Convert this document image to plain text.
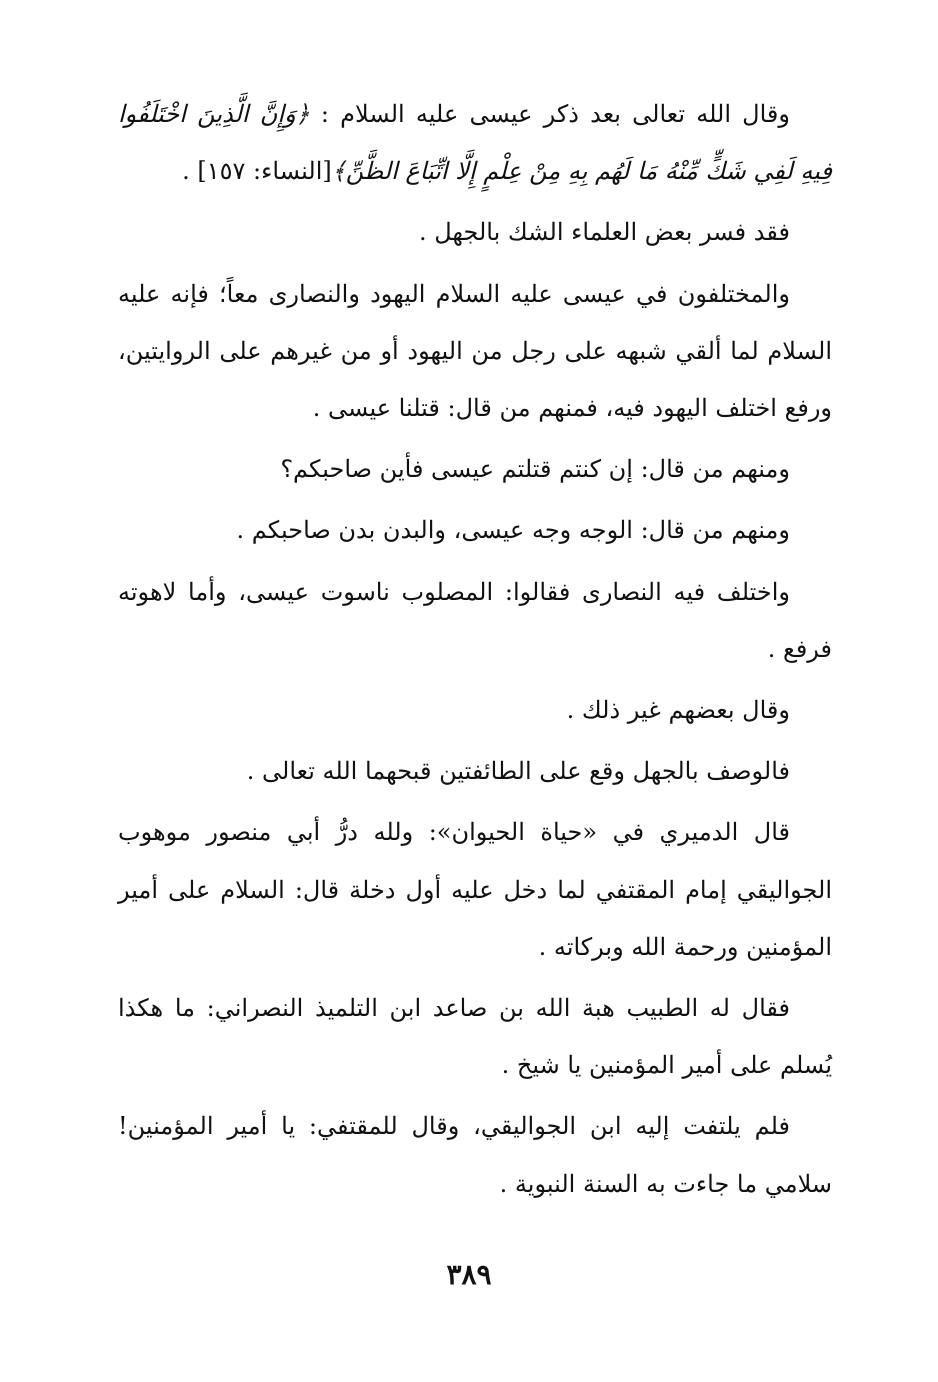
وقال الله تعالى بعد ذكر عيسى عليه السلام : ﴿وَإِنَّ الَّذِينَ اخْتَلَفُوا فِيهِ لَفِي شَكٍّ مِّنْهُ مَا لَهُم بِهِ مِنْ عِلْمٍ إِلَّا اتِّبَاعَ الظَّنِّ﴾[النساء: ١٥٧] .

فقد فسر بعض العلماء الشك بالجهل .

والمختلفون في عيسى عليه السلام اليهود والنصارى معاً؛ فإنه عليه السلام لما ألقي شبهه على رجل من اليهود أو من غيرهم على الروايتين، ورفع اختلف اليهود فيه، فمنهم من قال: قتلنا عيسى .

ومنهم من قال: إن كنتم قتلتم عيسى فأين صاحبكم؟

ومنهم من قال: الوجه وجه عيسى، والبدن بدن صاحبكم .

واختلف فيه النصارى فقالوا: المصلوب ناسوت عيسى، وأما لاهوته فرفع .

وقال بعضهم غير ذلك .

فالوصف بالجهل وقع على الطائفتين قبحهما الله تعالى .

قال الدميري في «حياة الحيوان»: ولله درُّ أبي منصور موهوب الجواليقي إمام المقتفي لما دخل عليه أول دخلة قال: السلام على أمير المؤمنين ورحمة الله وبركاته .

فقال له الطبيب هبة الله بن صاعد ابن التلميذ النصراني: ما هكذا يُسلم على أمير المؤمنين يا شيخ .

فلم يلتفت إليه ابن الجواليقي، وقال للمقتفي: يا أمير المؤمنين! سلامي ما جاءت به السنة النبوية .

٣٨٩
